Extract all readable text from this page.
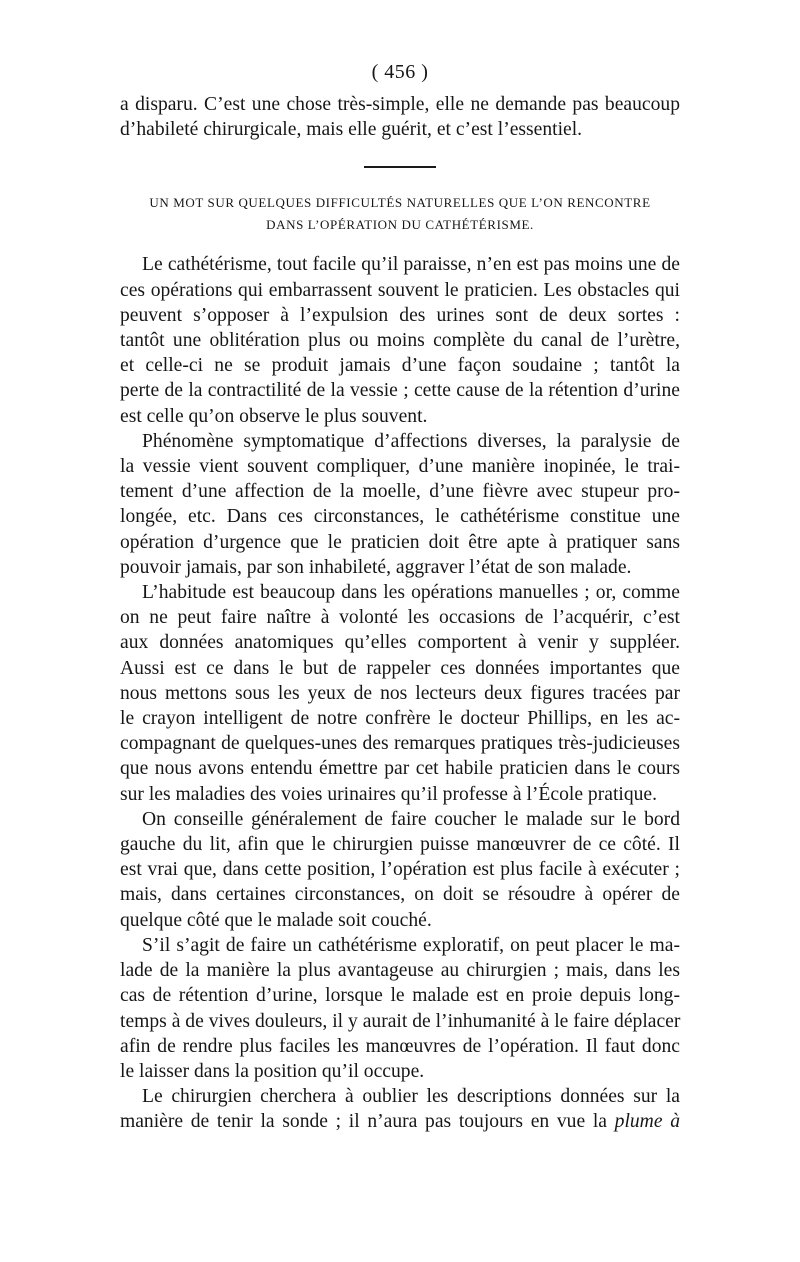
( 456 )
a disparu. C’est une chose très-simple, elle ne demande pas beaucoup
d’habileté chirurgicale, mais elle guérit, et c’est l’essentiel.
UN MOT SUR QUELQUES DIFFICULTÉS NATURELLES QUE L’ON RENCONTRE
DANS L’OPÉRATION DU CATHÉTÉRISME.
Le cathétérisme, tout facile qu’il paraisse, n’en est pas moins une de
ces opérations qui embarrassent souvent le praticien. Les obstacles qui
peuvent s’opposer à l’expulsion des urines sont de deux sortes :
tantôt une oblitération plus ou moins complète du canal de l’urètre,
et celle-ci ne se produit jamais d’une façon soudaine ; tantôt la
perte de la contractilité de la vessie ; cette cause de la rétention d’urine
est celle qu’on observe le plus souvent.
Phénomène symptomatique d’affections diverses, la paralysie de
la vessie vient souvent compliquer, d’une manière inopinée, le trai-
tement d’une affection de la moelle, d’une fièvre avec stupeur pro-
longée, etc. Dans ces circonstances, le cathétérisme constitue une
opération d’urgence que le praticien doit être apte à pratiquer sans
pouvoir jamais, par son inhabileté, aggraver l’état de son malade.
L’habitude est beaucoup dans les opérations manuelles ; or, comme
on ne peut faire naître à volonté les occasions de l’acquérir, c’est
aux données anatomiques qu’elles comportent à venir y suppléer.
Aussi est ce dans le but de rappeler ces données importantes que
nous mettons sous les yeux de nos lecteurs deux figures tracées par
le crayon intelligent de notre confrère le docteur Phillips, en les ac-
compagnant de quelques-unes des remarques pratiques très-judicieuses
que nous avons entendu émettre par cet habile praticien dans le cours
sur les maladies des voies urinaires qu’il professe à l’École pratique.
On conseille généralement de faire coucher le malade sur le bord
gauche du lit, afin que le chirurgien puisse manœuvrer de ce côté. Il
est vrai que, dans cette position, l’opération est plus facile à exécuter ;
mais, dans certaines circonstances, on doit se résoudre à opérer de
quelque côté que le malade soit couché.
S’il s’agit de faire un cathétérisme exploratif, on peut placer le ma-
lade de la manière la plus avantageuse au chirurgien ; mais, dans les
cas de rétention d’urine, lorsque le malade est en proie depuis long-
temps à de vives douleurs, il y aurait de l’inhumanité à le faire déplacer
afin de rendre plus faciles les manœuvres de l’opération. Il faut donc
le laisser dans la position qu’il occupe.
Le chirurgien cherchera à oublier les descriptions données sur la
manière de tenir la sonde ; il n’aura pas toujours en vue la plume à
